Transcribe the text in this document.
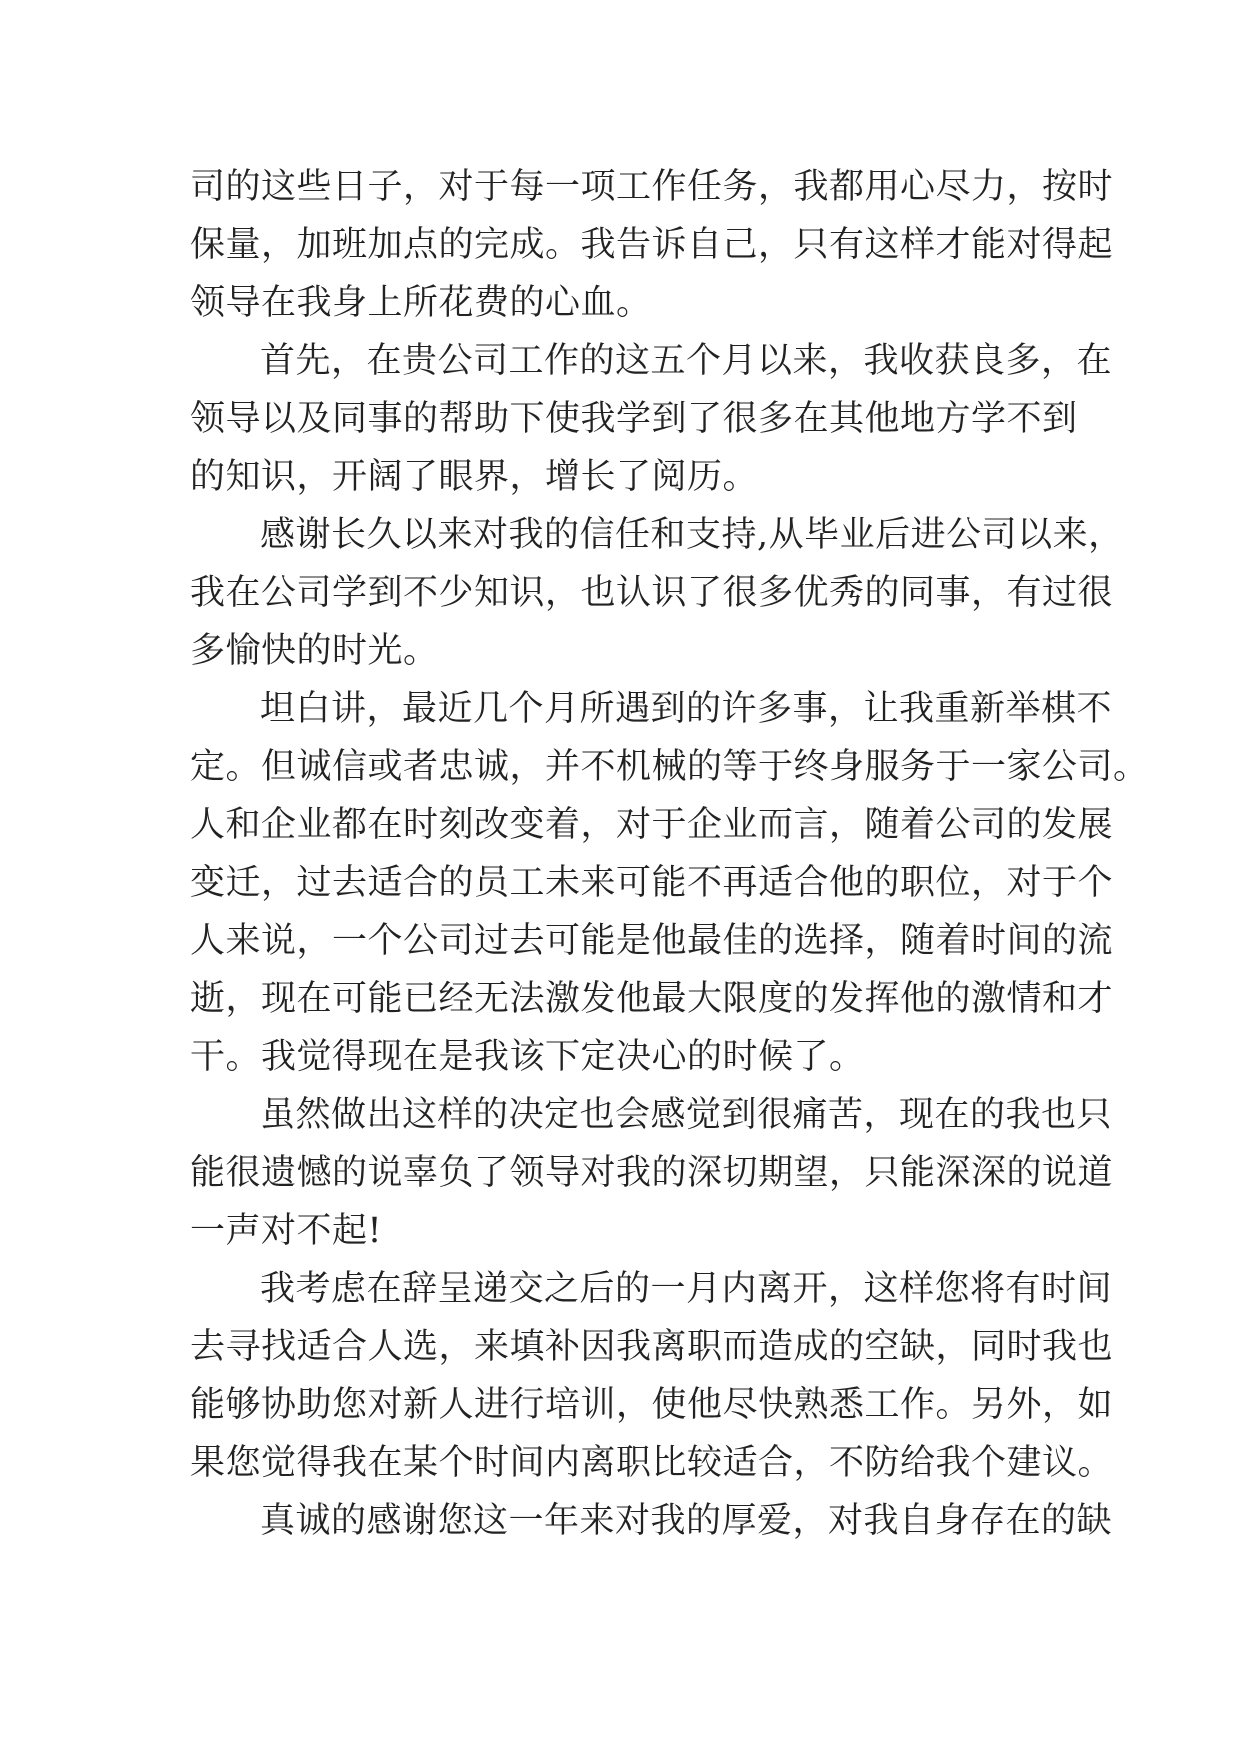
司的这些日子，对于每一项工作任务，我都用心尽力，按时
保量，加班加点的完成。我告诉自己，只有这样才能对得起
领导在我身上所花费的心血。
首先，在贵公司工作的这五个月以来，我收获良多，在
领导以及同事的帮助下使我学到了很多在其他地方学不到
的知识，开阔了眼界，增长了阅历。
感谢长久以来对我的信任和支持,从毕业后进公司以来，
我在公司学到不少知识，也认识了很多优秀的同事，有过很
多愉快的时光。
坦白讲，最近几个月所遇到的许多事，让我重新举棋不
定。但诚信或者忠诚，并不机械的等于终身服务于一家公司。
人和企业都在时刻改变着，对于企业而言，随着公司的发展
变迁，过去适合的员工未来可能不再适合他的职位，对于个
人来说，一个公司过去可能是他最佳的选择，随着时间的流
逝，现在可能已经无法激发他最大限度的发挥他的激情和才
干。我觉得现在是我该下定决心的时候了。
虽然做出这样的决定也会感觉到很痛苦，现在的我也只
能很遗憾的说辜负了领导对我的深切期望，只能深深的说道
一声对不起!
我考虑在辞呈递交之后的一月内离开，这样您将有时间
去寻找适合人选，来填补因我离职而造成的空缺，同时我也
能够协助您对新人进行培训，使他尽快熟悉工作。另外，如
果您觉得我在某个时间内离职比较适合，不防给我个建议。
真诚的感谢您这一年来对我的厚爱，对我自身存在的缺
